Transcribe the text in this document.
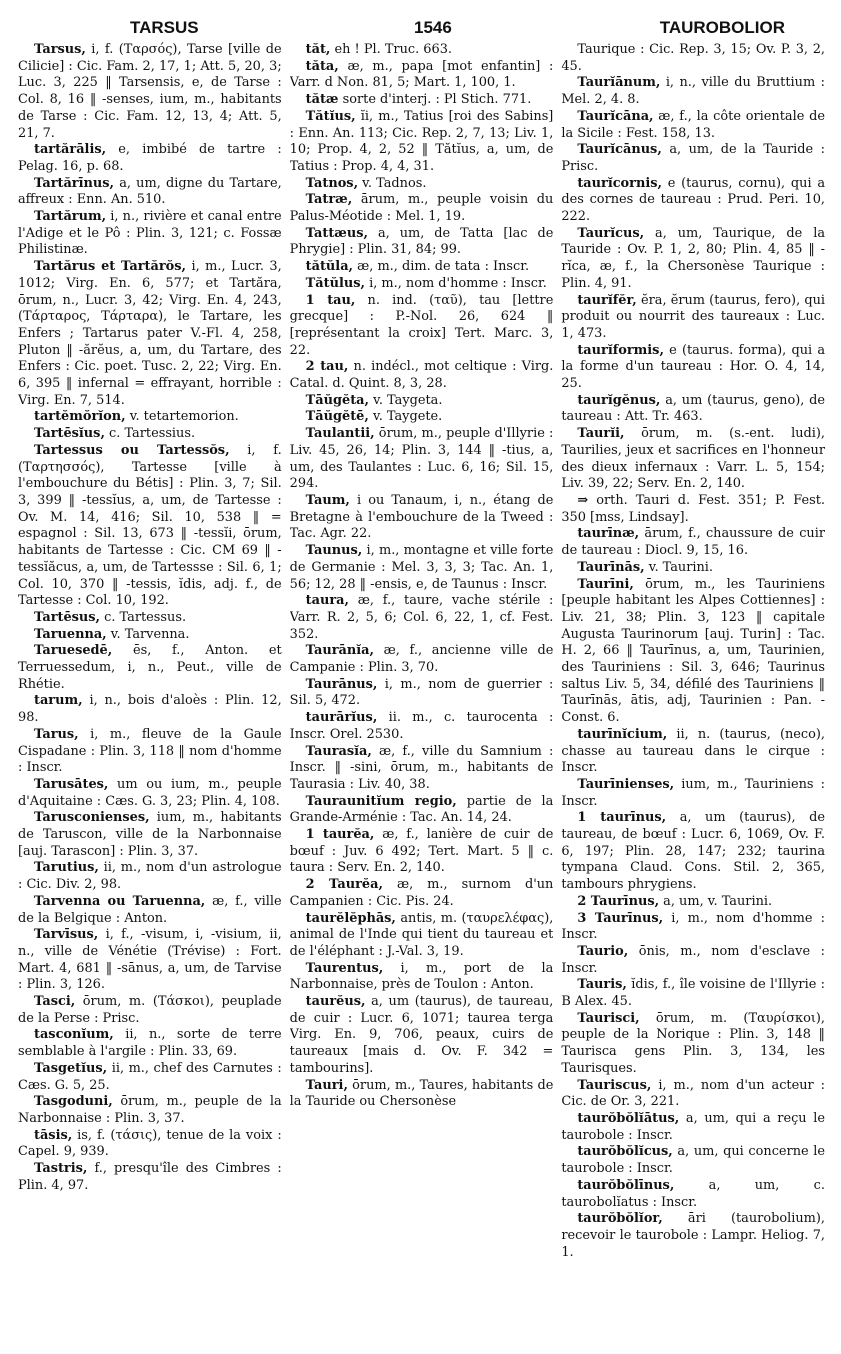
TARSUS	1546	TAUROBOLIOR

Tarsus, i, f. (Ταρσός), Tarse [ville de Cilicie] : Cic. Fam. 2, 17, 1; Att. 5, 20, 3; Luc. 3, 225 ‖ Tarsensis, e, de Tarse : Col. 8, 16 ‖ -senses, ium, m., habitants de Tarse : Cic. Fam. 12, 13, 4; Att. 5, 21, 7.

tartărālis, e, imbibé de tartre : Pelag. 16, p. 68.

Tartărīnus, a, um, digne du Tartare, affreux : Enn. An. 510.

Tartărum, i, n., rivière et canal entre l'Adige et le Pô : Plin. 3, 121; c. Fossæ Philistinæ.

Tartărus et Tartărŏs, i, m., Lucr. 3, 1012; Virg. En. 6, 577; et Tartăra, ōrum, n., Lucr. 3, 42; Virg. En. 4, 243, (Τάρταρος, Τάρταρα), le Tartare, les Enfers ; Tartarus pater V.-Fl. 4, 258, Pluton ‖ -ărĕus, a, um, du Tartare, des Enfers : Cic. poet. Tusc. 2, 22; Virg. En. 6, 395 ‖ infernal = effrayant, horrible : Virg. En. 7, 514.

tartĕmŏrĭon, v. tetartemorion.

Tartēsĭus, c. Tartessius.

Tartessus ou Tartessŏs, i, f. (Ταρτησσός), Tartesse [ville à l'embouchure du Bétis] : Plin. 3, 7; Sil. 3, 399 ‖ -tessĭus, a, um, de Tartesse : Ov. M. 14, 416; Sil. 10, 538 ‖ = espagnol : Sil. 13, 673 ‖ -tessĭi, ōrum, habitants de Tartesse : Cic. CM 69 ‖ -tessĭăcus, a, um, de Tartessse : Sil. 6, 1; Col. 10, 370 ‖ -tessis, ĭdis, adj. f., de Tartesse : Col. 10, 192.

Tartēsus, c. Tartessus.

Taruenna, v. Tarvenna.

Taruesedē, ēs, f., Anton. et Terruessedum, i, n., Peut., ville de Rhétie.

tarum, i, n., bois d'aloès : Plin. 12, 98.

Tarus, i, m., fleuve de la Gaule Cispadane : Plin. 3, 118 ‖ nom d'homme : Inscr.

Tarusātes, um ou ium, m., peuple d'Aquitaine : Cæs. G. 3, 23; Plin. 4, 108.

Tarusconienses, ium, m., habitants de Taruscon, ville de la Narbonnaise [auj. Tarascon] : Plin. 3, 37.

Tarutius, ii, m., nom d'un astrologue : Cic. Div. 2, 98.

Tarvenna ou Taruenna, æ, f., ville de la Belgique : Anton.

Tarvīsus, i, f., -visum, i, -visium, ii, n., ville de Vénétie (Trévise) : Fort. Mart. 4, 681 ‖ -sānus, a, um, de Tarvise : Plin. 3, 126.

Tasci, ōrum, m. (Τάσκοι), peuplade de la Perse : Prisc.

tasconĭum, ii, n., sorte de terre semblable à l'argile : Plin. 33, 69.

Tasgetĭus, ii, m., chef des Carnutes : Cæs. G. 5, 25.

Tasgoduni, ōrum, m., peuple de la Narbonnaise : Plin. 3, 37.

tāsis, is, f. (τάσις), tenue de la voix : Capel. 9, 939.

Tastris, f., presqu'île des Cimbres : Plin. 4, 97.

tăt, eh ! Pl. Truc. 663.

tăta, æ, m., papa [mot enfantin] : Varr. d Non. 81, 5; Mart. 1, 100, 1.

tătæ sorte d'interj. : Pl Stich. 771.

Tătĭus, ĭi, m., Tatius [roi des Sabins] : Enn. An. 113; Cic. Rep. 2, 7, 13; Liv. 1, 10; Prop. 4, 2, 52 ‖ Tătĭus, a, um, de Tatius : Prop. 4, 4, 31.

Tatnos, v. Tadnos.

Tatræ, ārum, m., peuple voisin du Palus-Méotide : Mel. 1, 19.

Tattæus, a, um, de Tatta [lac de Phrygie] : Plin. 31, 84; 99.

tătŭla, æ, m., dim. de tata : Inscr.

Tătŭlus, i, m., nom d'homme : Inscr.

1 tau, n. ind. (ταῦ), tau [lettre grecque] : P.-Nol. 26, 624 ‖ [représentant la croix] Tert. Marc. 3, 22.

2 tau, n. indécl., mot celtique : Virg. Catal. d. Quint. 8, 3, 28.

Tāŭgĕta, v. Taygeta.

Tāŭgĕtē, v. Taygete.

Taulantii, ōrum, m., peuple d'Illyrie : Liv. 45, 26, 14; Plin. 3, 144 ‖ -tius, a, um, des Taulantes : Luc. 6, 16; Sil. 15, 294.

Taum, i ou Tanaum, i, n., étang de Bretagne à l'embouchure de la Tweed : Tac. Agr. 22.

Taunus, i, m., montagne et ville forte de Germanie : Mel. 3, 3, 3; Tac. An. 1, 56; 12, 28 ‖ -ensis, e, de Taunus : Inscr.

taura, æ, f., taure, vache stérile : Varr. R. 2, 5, 6; Col. 6, 22, 1, cf. Fest. 352.

Taurānĭa, æ, f., ancienne ville de Campanie : Plin. 3, 70.

Taurānus, i, m., nom de guerrier : Sil. 5, 472.

taurārĭus, ii. m., c. taurocenta : Inscr. Orel. 2530.

Taurasĭa, æ, f., ville du Samnium : Inscr. ‖ -sini, ōrum, m., habitants de Taurasia : Liv. 40, 38.

Tauraunitĭum regio, partie de la Grande-Arménie : Tac. An. 14, 24.

1 taurĕa, æ, f., lanière de cuir de bœuf : Juv. 6 492; Tert. Mart. 5 ‖ c. taura : Serv. En. 2, 140.

2 Taurĕa, æ, m., surnom d'un Campanien : Cic. Pis. 24.

taurĕlĕphās, antis, m. (ταυρελέφας), animal de l'Inde qui tient du taureau et de l'éléphant : J.-Val. 3, 19.

Taurentus, i, m., port de la Narbonnaise, près de Toulon : Anton.

taurĕus, a, um (taurus), de taureau, de cuir : Lucr. 6, 1071; taurea terga Virg. En. 9, 706, peaux, cuirs de taureaux [mais d. Ov. F. 342 = tambourins].

Tauri, ōrum, m., Taures, habitants de la Tauride ou Chersonèse

Taurique : Cic. Rep. 3, 15; Ov. P. 3, 2, 45.

Taurĭānum, i, n., ville du Bruttium : Mel. 2, 4. 8.

Taurĭcāna, æ, f., la côte orientale de la Sicile : Fest. 158, 13.

Taurĭcānus, a, um, de la Tauride : Prisc.

taurĭcornis, e (taurus, cornu), qui a des cornes de taureau : Prud. Peri. 10, 222.

Taurĭcus, a, um, Taurique, de la Tauride : Ov. P. 1, 2, 80; Plin. 4, 85 ‖ -rĭca, æ, f., la Chersonèse Taurique : Plin. 4, 91.

taurĭfĕr, ĕra, ĕrum (taurus, fero), qui produit ou nourrit des taureaux : Luc. 1, 473.

taurĭformis, e (taurus. forma), qui a la forme d'un taureau : Hor. O. 4, 14, 25.

taurĭgĕnus, a, um (taurus, geno), de taureau : Att. Tr. 463.

Taurĭi, ōrum, m. (s.-ent. ludi), Taurilies, jeux et sacrifices en l'honneur des dieux infernaux : Varr. L. 5, 154; Liv. 39, 22; Serv. En. 2, 140.

⇒ orth. Tauri d. Fest. 351; P. Fest. 350 [mss, Lindsay].

taurīnæ, ārum, f., chaussure de cuir de taureau : Diocl. 9, 15, 16.

Taurīnās, v. Taurini.

Taurīni, ōrum, m., les Tauriniens [peuple habitant les Alpes Cottiennes] : Liv. 21, 38; Plin. 3, 123 ‖ capitale Augusta Taurinorum [auj. Turin] : Tac. H. 2, 66 ‖ Taurīnus, a, um, Taurinien, des Tauriniens : Sil. 3, 646; Taurinus saltus Liv. 5, 34, défilé des Tauriniens ‖ Taurīnās, ātis, adj, Taurinien : Pan. - Const. 6.

taurīnĭcium, ii, n. (taurus, (neco), chasse au taureau dans le cirque : Inscr.

Taurīnienses, ium, m., Tauriniens : Inscr.

1 taurīnus, a, um (taurus), de taureau, de bœuf : Lucr. 6, 1069, Ov. F. 6, 197; Plin. 28, 147; 232; taurina tympana Claud. Cons. Stil. 2, 365, tambours phrygiens.

2 Taurīnus, a, um, v. Taurini.

3 Taurīnus, i, m., nom d'homme : Inscr.

Taurio, ōnis, m., nom d'esclave : Inscr.

Tauris, ĭdis, f., île voisine de l'Illyrie : B Alex. 45.

Taurisci, ōrum, m. (Ταυρίσκοι), peuple de la Norique : Plin. 3, 148 ‖ Taurisca gens Plin. 3, 134, les Taurisques.

Tauriscus, i, m., nom d'un acteur : Cic. de Or. 3, 221.

taurŏbŏlĭātus, a, um, qui a reçu le taurobole : Inscr.

taurŏbŏlĭcus, a, um, qui concerne le taurobole : Inscr.

taurŏbŏlīnus, a, um, c. taurobolĭatus : Inscr.

taurŏbŏlĭor, āri (taurobolium), recevoir le taurobole : Lampr. Heliog. 7, 1.
